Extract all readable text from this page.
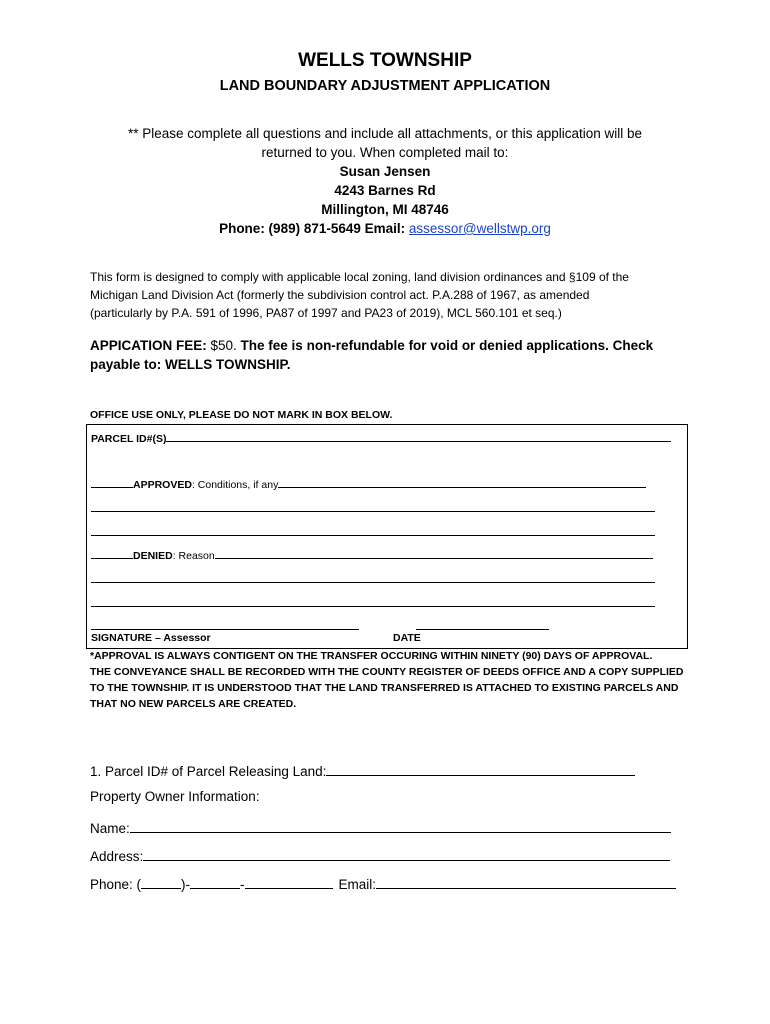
WELLS TOWNSHIP
LAND BOUNDARY ADJUSTMENT APPLICATION
** Please complete all questions and include all attachments, or this application will be
returned to you. When completed mail to:
Susan Jensen
4243 Barnes Rd
Millington, MI 48746
Phone: (989) 871-5649 Email: assessor@wellstwp.org
This form is designed to comply with applicable local zoning, land division ordinances and §109 of the
Michigan Land Division Act (formerly the subdivision control act. P.A.288 of 1967, as amended
(particularly by P.A. 591 of 1996, PA87 of 1997 and PA23 of 2019), MCL 560.101 et seq.)
APPICATION FEE: $50. The fee is non-refundable for void or denied applications. Check
payable to: WELLS TOWNSHIP.
OFFICE USE ONLY, PLEASE DO NOT MARK IN BOX BELOW.
PARCEL ID#(S)
APPROVED: Conditions, if any
DENIED: Reason
SIGNATURE – Assessor	DATE
*APPROVAL IS ALWAYS CONTIGENT ON THE TRANSFER OCCURING WITHIN NINETY (90) DAYS OF APPROVAL.
THE CONVEYANCE SHALL BE RECORDED WITH THE COUNTY REGISTER OF DEEDS OFFICE AND A COPY SUPPLIED
TO THE TOWNSHIP. IT IS UNDERSTOOD THAT THE LAND TRANSFERRED IS ATTACHED TO EXISTING PARCELS AND
THAT NO NEW PARCELS ARE CREATED.
1. Parcel ID# of Parcel Releasing Land:
Property Owner Information:
Name:
Address:
Phone: (	)-	-	Email:
